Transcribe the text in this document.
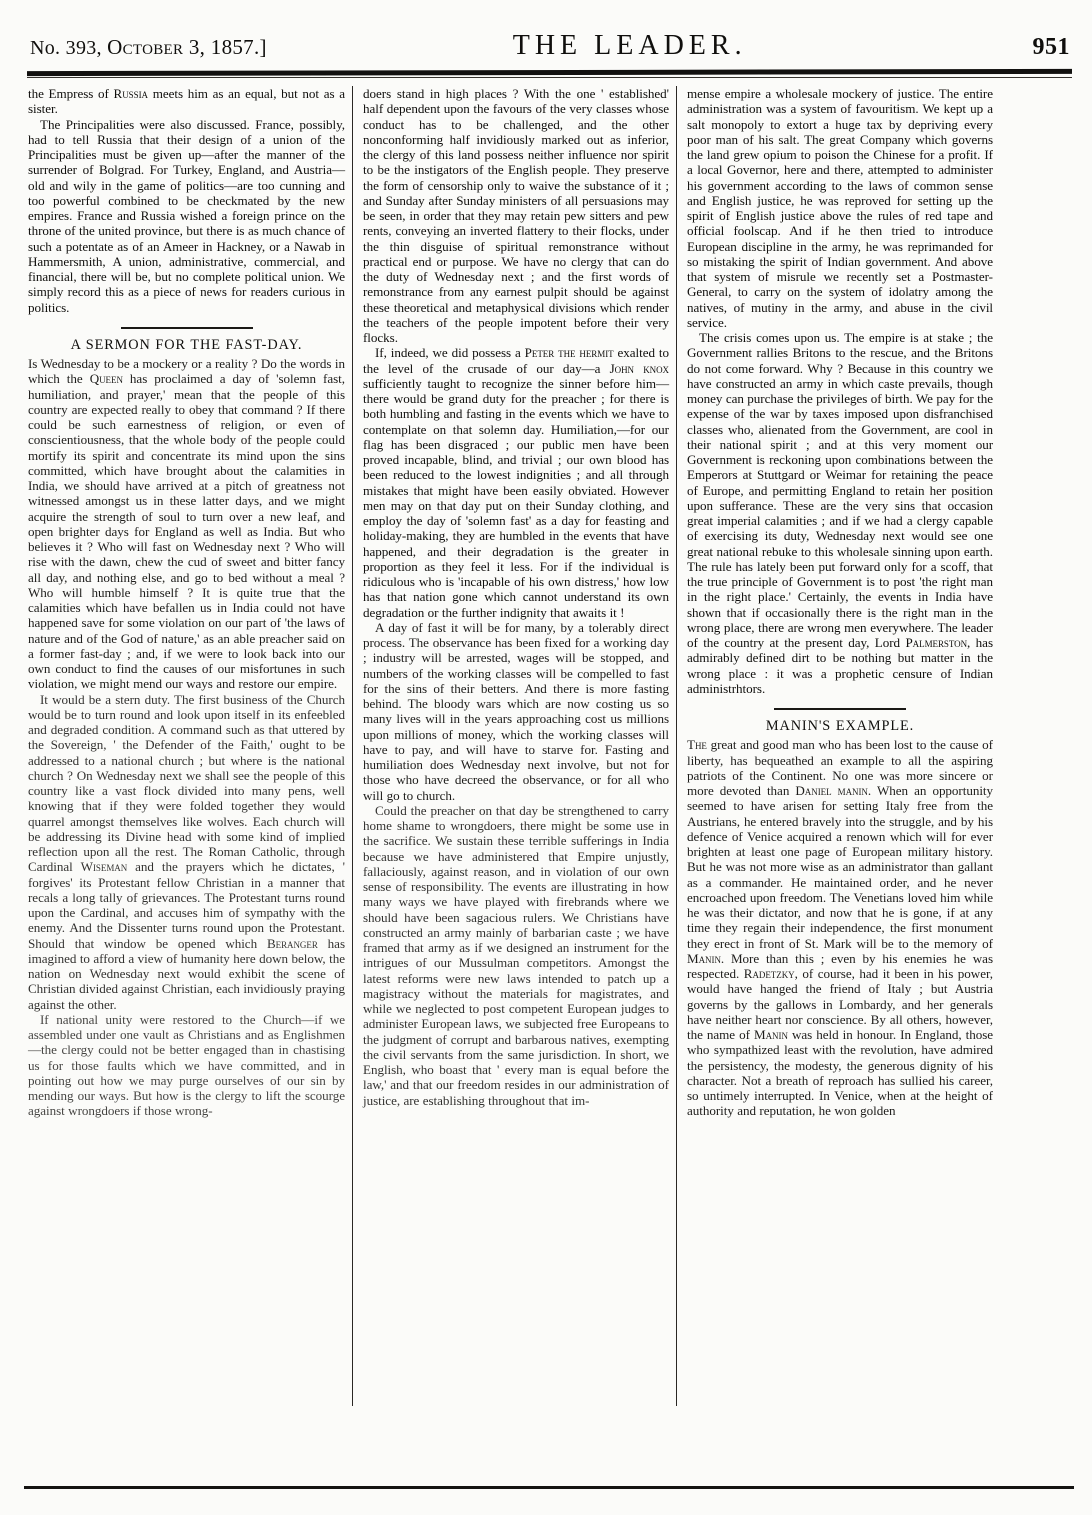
No. 393, October 3, 1857.]	THE LEADER.	951

the Empress of Russia meets him as an equal, but not as a sister.

The Principalities were also discussed. France, possibly, had to tell Russia that their design of a union of the Principalities must be given up—after the manner of the surrender of Bolgrad. For Turkey, England, and Austria—old and wily in the game of politics—are too cunning and too powerful combined to be checkmated by the new empires. France and Russia wished a foreign prince on the throne of the united province, but there is as much chance of such a potentate as of an Ameer in Hackney, or a Nawab in Hammersmith, A union, administrative, commercial, and financial, there will be, but no complete political union. We simply record this as a piece of news for readers curious in politics.

A SERMON FOR THE FAST-DAY.

Is Wednesday to be a mockery or a reality ? Do the words in which the Queen has proclaimed a day of 'solemn fast, humiliation, and prayer,' mean that the people of this country are expected really to obey that command ? If there could be such earnestness of religion, or even of conscientiousness, that the whole body of the people could mortify its spirit and concentrate its mind upon the sins committed, which have brought about the calamities in India, we should have arrived at a pitch of greatness not witnessed amongst us in these latter days, and we might acquire the strength of soul to turn over a new leaf, and open brighter days for England as well as India. But who believes it ? Who will fast on Wednesday next ? Who will rise with the dawn, chew the cud of sweet and bitter fancy all day, and nothing else, and go to bed without a meal ? Who will humble himself ? It is quite true that the calamities which have befallen us in India could not have happened save for some violation on our part of 'the laws of nature and of the God of nature,' as an able preacher said on a former fast-day ; and, if we were to look back into our own conduct to find the causes of our misfortunes in such violation, we might mend our ways and restore our empire.

It would be a stern duty. The first business of the Church would be to turn round and look upon itself in its enfeebled and degraded condition. A command such as that uttered by the Sovereign, ' the Defender of the Faith,' ought to be addressed to a national church ; but where is the national church ? On Wednesday next we shall see the people of this country like a vast flock divided into many pens, well knowing that if they were folded together they would quarrel amongst themselves like wolves. Each church will be addressing its Divine head with some kind of implied reflection upon all the rest. The Roman Catholic, through Cardinal Wiseman and the prayers which he dictates, ' forgives' its Protestant fellow Christian in a manner that recals a long tally of grievances. The Protestant turns round upon the Cardinal, and accuses him of sympathy with the enemy. And the Dissenter turns round upon the Protestant. Should that window be opened which Beranger has imagined to afford a view of humanity here down below, the nation on Wednesday next would exhibit the scene of Christian divided against Christian, each invidiously praying against the other.

If national unity were restored to the Church—if we assembled under one vault as Christians and as Englishmen—the clergy could not be better engaged than in chastising us for those faults which we have committed, and in pointing out how we may purge ourselves of our sin by mending our ways. But how is the clergy to lift the scourge against wrongdoers if those wrong-

doers stand in high places ? With the one ' established' half dependent upon the favours of the very classes whose conduct has to be challenged, and the other nonconforming half invidiously marked out as inferior, the clergy of this land possess neither influence nor spirit to be the instigators of the English people. They preserve the form of censorship only to waive the substance of it ; and Sunday after Sunday ministers of all persuasions may be seen, in order that they may retain pew sitters and pew rents, conveying an inverted flattery to their flocks, under the thin disguise of spiritual remonstrance without practical end or purpose. We have no clergy that can do the duty of Wednesday next ; and the first words of remonstrance from any earnest pulpit should be against these theoretical and metaphysical divisions which render the teachers of the people impotent before their very flocks.

If, indeed, we did possess a Peter the hermit exalted to the level of the crusade of our day—a John knox sufficiently taught to recognize the sinner before him—there would be grand duty for the preacher ; for there is both humbling and fasting in the events which we have to contemplate on that solemn day. Humiliation,—for our flag has been disgraced ; our public men have been proved incapable, blind, and trivial ; our own blood has been reduced to the lowest indignities ; and all through mistakes that might have been easily obviated. However men may on that day put on their Sunday clothing, and employ the day of 'solemn fast' as a day for feasting and holiday-making, they are humbled in the events that have happened, and their degradation is the greater in proportion as they feel it less. For if the individual is ridiculous who is 'incapable of his own distress,' how low has that nation gone which cannot understand its own degradation or the further indignity that awaits it !

A day of fast it will be for many, by a tolerably direct process. The observance has been fixed for a working day ; industry will be arrested, wages will be stopped, and numbers of the working classes will be compelled to fast for the sins of their betters. And there is more fasting behind. The bloody wars which are now costing us so many lives will in the years approaching cost us millions upon millions of money, which the working classes will have to pay, and will have to starve for. Fasting and humiliation does Wednesday next involve, but not for those who have decreed the observance, or for all who will go to church.

Could the preacher on that day be strengthened to carry home shame to wrongdoers, there might be some use in the sacrifice. We sustain these terrible sufferings in India because we have administered that Empire unjustly, fallaciously, against reason, and in violation of our own sense of responsibility. The events are illustrating in how many ways we have played with firebrands where we should have been sagacious rulers. We Christians have constructed an army mainly of barbarian caste ; we have framed that army as if we designed an instrument for the intrigues of our Mussulman competitors. Amongst the latest reforms were new laws intended to patch up a magistracy without the materials for magistrates, and while we neglected to post competent European judges to administer European laws, we subjected free Europeans to the judgment of corrupt and barbarous natives, exempting the civil servants from the same jurisdiction. In short, we English, who boast that ' every man is equal before the law,' and that our freedom resides in our administration of justice, are establishing throughout that im-

mense empire a wholesale mockery of justice. The entire administration was a system of favouritism. We kept up a salt monopoly to extort a huge tax by depriving every poor man of his salt. The great Company which governs the land grew opium to poison the Chinese for a profit. If a local Governor, here and there, attempted to administer his government according to the laws of common sense and English justice, he was reproved for setting up the spirit of English justice above the rules of red tape and official foolscap. And if he then tried to introduce European discipline in the army, he was reprimanded for so mistaking the spirit of Indian government. And above that system of misrule we recently set a Postmaster-General, to carry on the system of idolatry among the natives, of mutiny in the army, and abuse in the civil service.

The crisis comes upon us. The empire is at stake ; the Government rallies Britons to the rescue, and the Britons do not come forward. Why ? Because in this country we have constructed an army in which caste prevails, though money can purchase the privileges of birth. We pay for the expense of the war by taxes imposed upon disfranchised classes who, alienated from the Government, are cool in their national spirit ; and at this very moment our Government is reckoning upon combinations between the Emperors at Stuttgard or Weimar for retaining the peace of Europe, and permitting England to retain her position upon sufferance. These are the very sins that occasion great imperial calamities ; and if we had a clergy capable of exercising its duty, Wednesday next would see one great national rebuke to this wholesale sinning upon earth. The rule has lately been put forward only for a scoff, that the true principle of Government is to post 'the right man in the right place.' Certainly, the events in India have shown that if occasionally there is the right man in the wrong place, there are wrong men everywhere. The leader of the country at the present day, Lord Palmerston, has admirably defined dirt to be nothing but matter in the wrong place : it was a prophetic censure of Indian administrhtors.

MANIN'S EXAMPLE.

The great and good man who has been lost to the cause of liberty, has bequeathed an example to all the aspiring patriots of the Continent. No one was more sincere or more devoted than Daniel manin. When an opportunity seemed to have arisen for setting Italy free from the Austrians, he entered bravely into the struggle, and by his defence of Venice acquired a renown which will for ever brighten at least one page of European military history. But he was not more wise as an administrator than gallant as a commander. He maintained order, and he never encroached upon freedom. The Venetians loved him while he was their dictator, and now that he is gone, if at any time they regain their independence, the first monument they erect in front of St. Mark will be to the memory of Manin. More than this ; even by his enemies he was respected. Radetzky, of course, had it been in his power, would have hanged the friend of Italy ; but Austria governs by the gallows in Lombardy, and her generals have neither heart nor conscience. By all others, however, the name of Manin was held in honour. In England, those who sympathized least with the revolution, have admired the persistency, the modesty, the generous dignity of his character. Not a breath of reproach has sullied his career, so untimely interrupted. In Venice, when at the height of authority and reputation, he won golden
